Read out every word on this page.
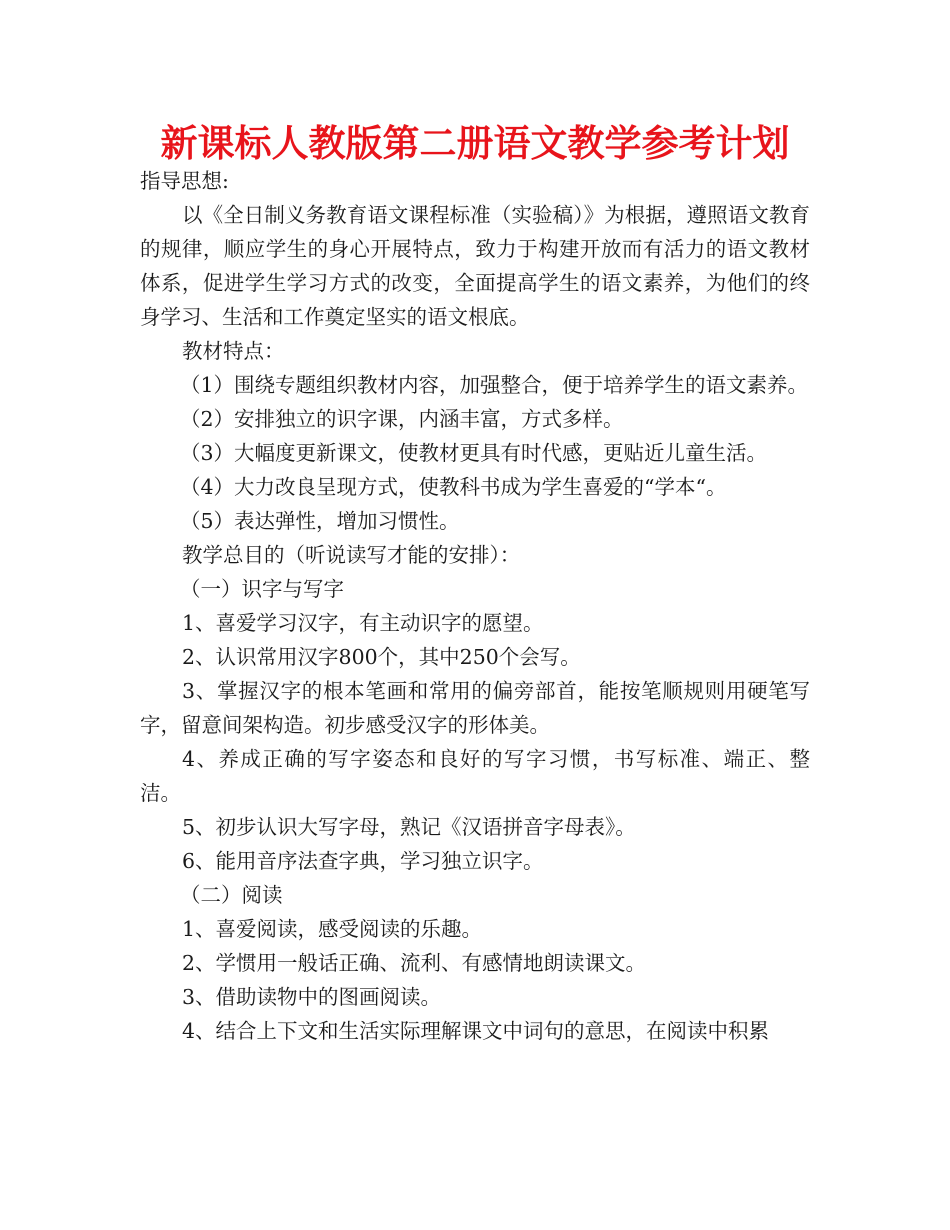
新课标人教版第二册语文教学参考计划

指导思想:

以《全日制义务教育语文课程标准（实验稿）》为根据，遵照语文教育的规律，顺应学生的身心开展特点，致力于构建开放而有活力的语文教材体系，促进学生学习方式的改变，全面提高学生的语文素养，为他们的终身学习、生活和工作奠定坚实的语文根底。

教材特点：

（1）围绕专题组织教材内容，加强整合，便于培养学生的语文素养。

（2）安排独立的识字课，内涵丰富，方式多样。

（3）大幅度更新课文，使教材更具有时代感，更贴近儿童生活。

（4）大力改良呈现方式，使教科书成为学生喜爱的“学本“。

（5）表达弹性，增加习惯性。

教学总目的（听说读写才能的安排）：

（一）识字与写字

1、喜爱学习汉字，有主动识字的愿望。

2、认识常用汉字800个，其中250个会写。

3、掌握汉字的根本笔画和常用的偏旁部首，能按笔顺规则用硬笔写字，留意间架构造。初步感受汉字的形体美。

4、养成正确的写字姿态和良好的写字习惯，书写标准、端正、整洁。

5、初步认识大写字母，熟记《汉语拼音字母表》。

6、能用音序法查字典，学习独立识字。

（二）阅读

1、喜爱阅读，感受阅读的乐趣。

2、学惯用一般话正确、流利、有感情地朗读课文。

3、借助读物中的图画阅读。

4、结合上下文和生活实际理解课文中词句的意思，在阅读中积累
